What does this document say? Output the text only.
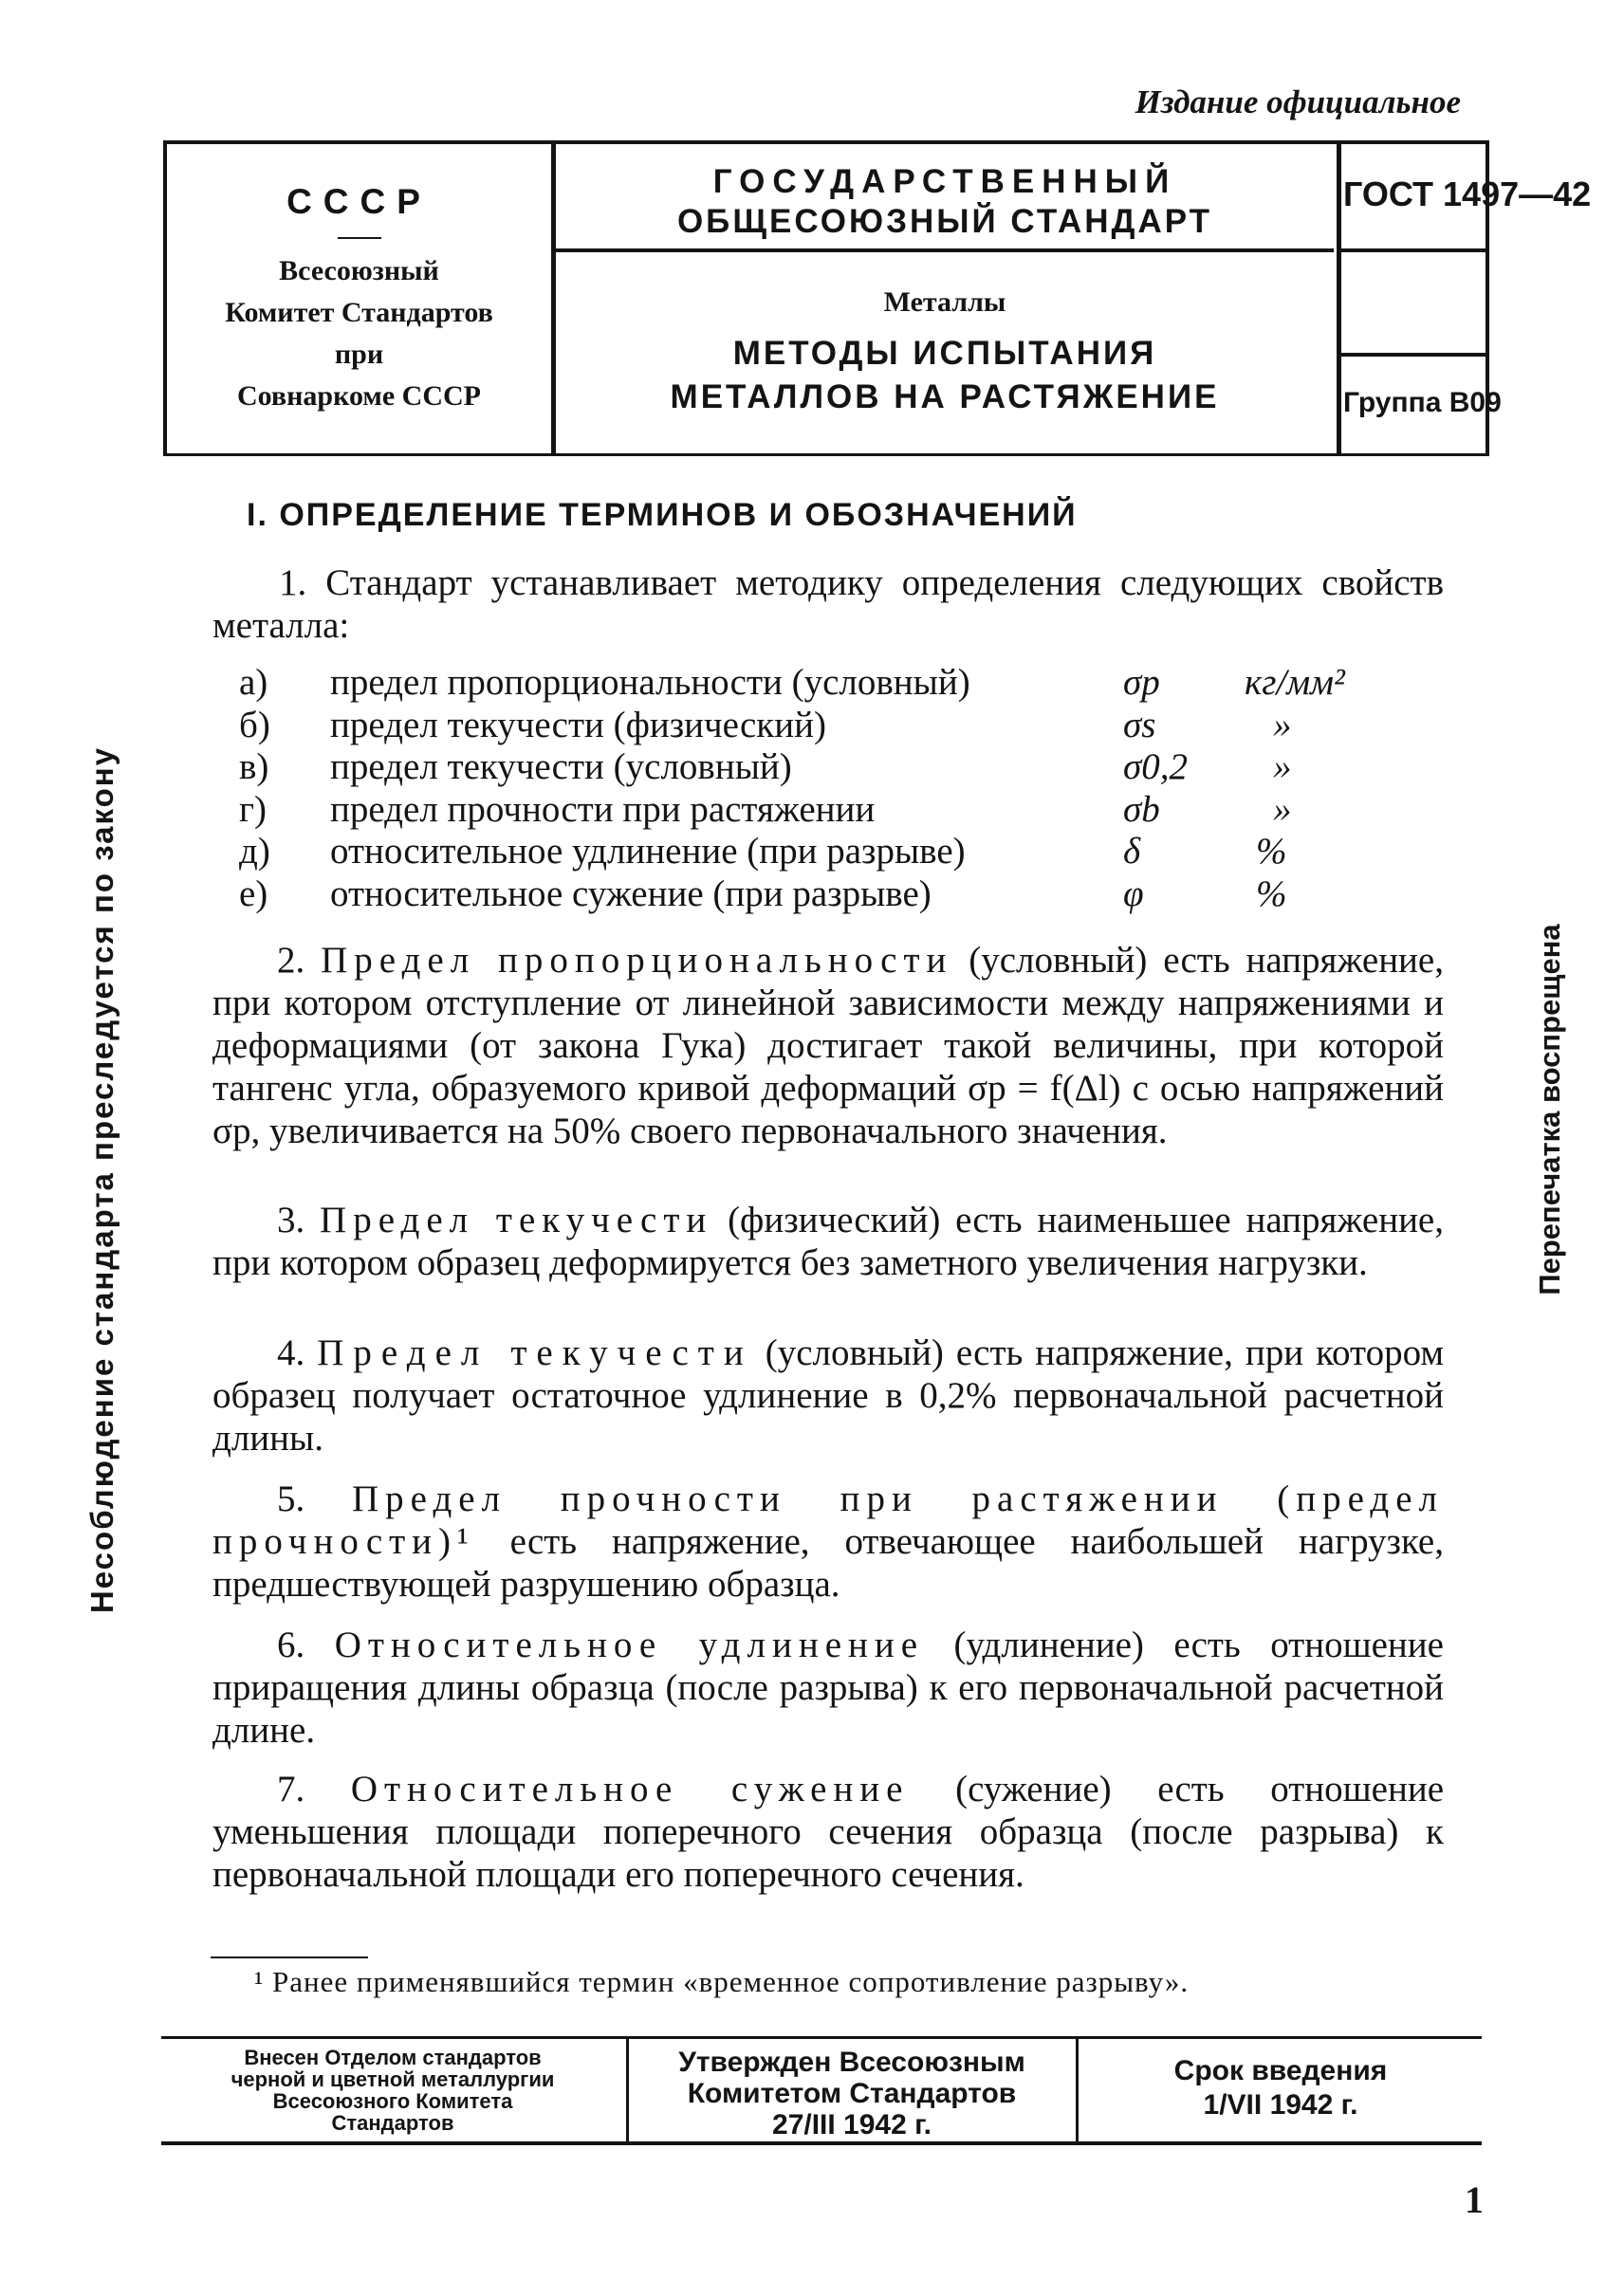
Издание официальное
СССР
Всесоюзный
Комитет Стандартов
при
Совнаркоме СССР
ГОСУДАРСТВЕННЫЙ
ОБЩЕСОЮЗНЫЙ СТАНДАРТ
Металлы
МЕТОДЫ ИСПЫТАНИЯ
МЕТАЛЛОВ НА РАСТЯЖЕНИЕ
ГОСТ 1497—42
Группа В09
Несоблюдение стандарта преследуется по закону	Перепечатка воспрещена
I. ОПРЕДЕЛЕНИЕ ТЕРМИНОВ И ОБОЗНАЧЕНИЙ
1. Стандарт устанавливает методику определения следующих свойств металла:
а) предел пропорциональности (условный)	σp кг/мм²
б) предел текучести (физический)	σs	»
в) предел текучести (условный)	σ0,2 »
г) предел прочности при растяжении	σb	»
д) относительное удлинение (при разрыве)	δ	%
е) относительное сужение (при разрыве)	φ	%
2. Предел пропорциональности (условный) есть напряжение, при котором отступление от линейной зависимости между напряжениями и деформациями (от закона Гука) достигает такой величины, при которой тангенс угла, образуемого кривой деформаций σp = f(Δl) с осью напряжений σp, увеличивается на 50% своего первоначального значения.
3. Предел текучести (физический) есть наименьшее напряжение, при котором образец деформируется без заметного увеличения нагрузки.
4. Предел текучести (условный) есть напряжение, при котором образец получает остаточное удлинение в 0,2% первоначальной расчетной длины.
5. Предел прочности при растяжении (предел прочности)¹ есть напряжение, отвечающее наибольшей нагрузке, предшествующей разрушению образца.
6. Относительное удлинение (удлинение) есть отношение приращения длины образца (после разрыва) к его первоначальной расчетной длине.
7. Относительное сужение (сужение) есть отношение уменьшения площади поперечного сечения образца (после разрыва) к первоначальной площади его поперечного сечения.
¹ Ранее применявшийся термин «временное сопротивление разрыву».
Внесен Отделом стандартов
черной и цветной металлургии
Всесоюзного Комитета
Стандартов
Утвержден Всесоюзным
Комитетом Стандартов
27/III 1942 г.
Срок введения
1/VII 1942 г.
1
